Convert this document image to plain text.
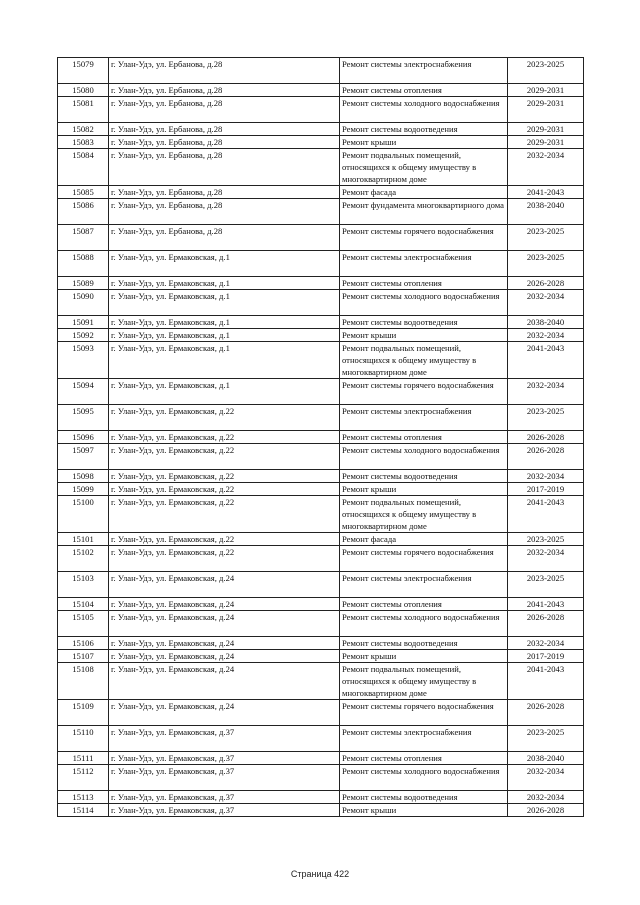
15079	г. Улан-Удэ, ул. Ербанова, д.28	Ремонт системы электроснабжения	2023-2025
15080	г. Улан-Удэ, ул. Ербанова, д.28	Ремонт системы отопления	2029-2031
15081	г. Улан-Удэ, ул. Ербанова, д.28	Ремонт системы холодного водоснабжения	2029-2031
15082	г. Улан-Удэ, ул. Ербанова, д.28	Ремонт системы водоотведения	2029-2031
15083	г. Улан-Удэ, ул. Ербанова, д.28	Ремонт крыши	2029-2031
15084	г. Улан-Удэ, ул. Ербанова, д.28	Ремонт подвальных помещений, относящихся к общему имуществу в многоквартирном доме	2032-2034
15085	г. Улан-Удэ, ул. Ербанова, д.28	Ремонт фасада	2041-2043
15086	г. Улан-Удэ, ул. Ербанова, д.28	Ремонт фундамента многоквартирного дома	2038-2040
15087	г. Улан-Удэ, ул. Ербанова, д.28	Ремонт системы горячего водоснабжения	2023-2025
15088	г. Улан-Удэ, ул. Ермаковская, д.1	Ремонт системы электроснабжения	2023-2025
15089	г. Улан-Удэ, ул. Ермаковская, д.1	Ремонт системы отопления	2026-2028
15090	г. Улан-Удэ, ул. Ермаковская, д.1	Ремонт системы холодного водоснабжения	2032-2034
15091	г. Улан-Удэ, ул. Ермаковская, д.1	Ремонт системы водоотведения	2038-2040
15092	г. Улан-Удэ, ул. Ермаковская, д.1	Ремонт крыши	2032-2034
15093	г. Улан-Удэ, ул. Ермаковская, д.1	Ремонт подвальных помещений, относящихся к общему имуществу в многоквартирном доме	2041-2043
15094	г. Улан-Удэ, ул. Ермаковская, д.1	Ремонт системы горячего водоснабжения	2032-2034
15095	г. Улан-Удэ, ул. Ермаковская, д.22	Ремонт системы электроснабжения	2023-2025
15096	г. Улан-Удэ, ул. Ермаковская, д.22	Ремонт системы отопления	2026-2028
15097	г. Улан-Удэ, ул. Ермаковская, д.22	Ремонт системы холодного водоснабжения	2026-2028
15098	г. Улан-Удэ, ул. Ермаковская, д.22	Ремонт системы водоотведения	2032-2034
15099	г. Улан-Удэ, ул. Ермаковская, д.22	Ремонт крыши	2017-2019
15100	г. Улан-Удэ, ул. Ермаковская, д.22	Ремонт подвальных помещений, относящихся к общему имуществу в многоквартирном доме	2041-2043
15101	г. Улан-Удэ, ул. Ермаковская, д.22	Ремонт фасада	2023-2025
15102	г. Улан-Удэ, ул. Ермаковская, д.22	Ремонт системы горячего водоснабжения	2032-2034
15103	г. Улан-Удэ, ул. Ермаковская, д.24	Ремонт системы электроснабжения	2023-2025
15104	г. Улан-Удэ, ул. Ермаковская, д.24	Ремонт системы отопления	2041-2043
15105	г. Улан-Удэ, ул. Ермаковская, д.24	Ремонт системы холодного водоснабжения	2026-2028
15106	г. Улан-Удэ, ул. Ермаковская, д.24	Ремонт системы водоотведения	2032-2034
15107	г. Улан-Удэ, ул. Ермаковская, д.24	Ремонт крыши	2017-2019
15108	г. Улан-Удэ, ул. Ермаковская, д.24	Ремонт подвальных помещений, относящихся к общему имуществу в многоквартирном доме	2041-2043
15109	г. Улан-Удэ, ул. Ермаковская, д.24	Ремонт системы горячего водоснабжения	2026-2028
15110	г. Улан-Удэ, ул. Ермаковская, д.37	Ремонт системы электроснабжения	2023-2025
15111	г. Улан-Удэ, ул. Ермаковская, д.37	Ремонт системы отопления	2038-2040
15112	г. Улан-Удэ, ул. Ермаковская, д.37	Ремонт системы холодного водоснабжения	2032-2034
15113	г. Улан-Удэ, ул. Ермаковская, д.37	Ремонт системы водоотведения	2032-2034
15114	г. Улан-Удэ, ул. Ермаковская, д.37	Ремонт крыши	2026-2028
Страница 422
